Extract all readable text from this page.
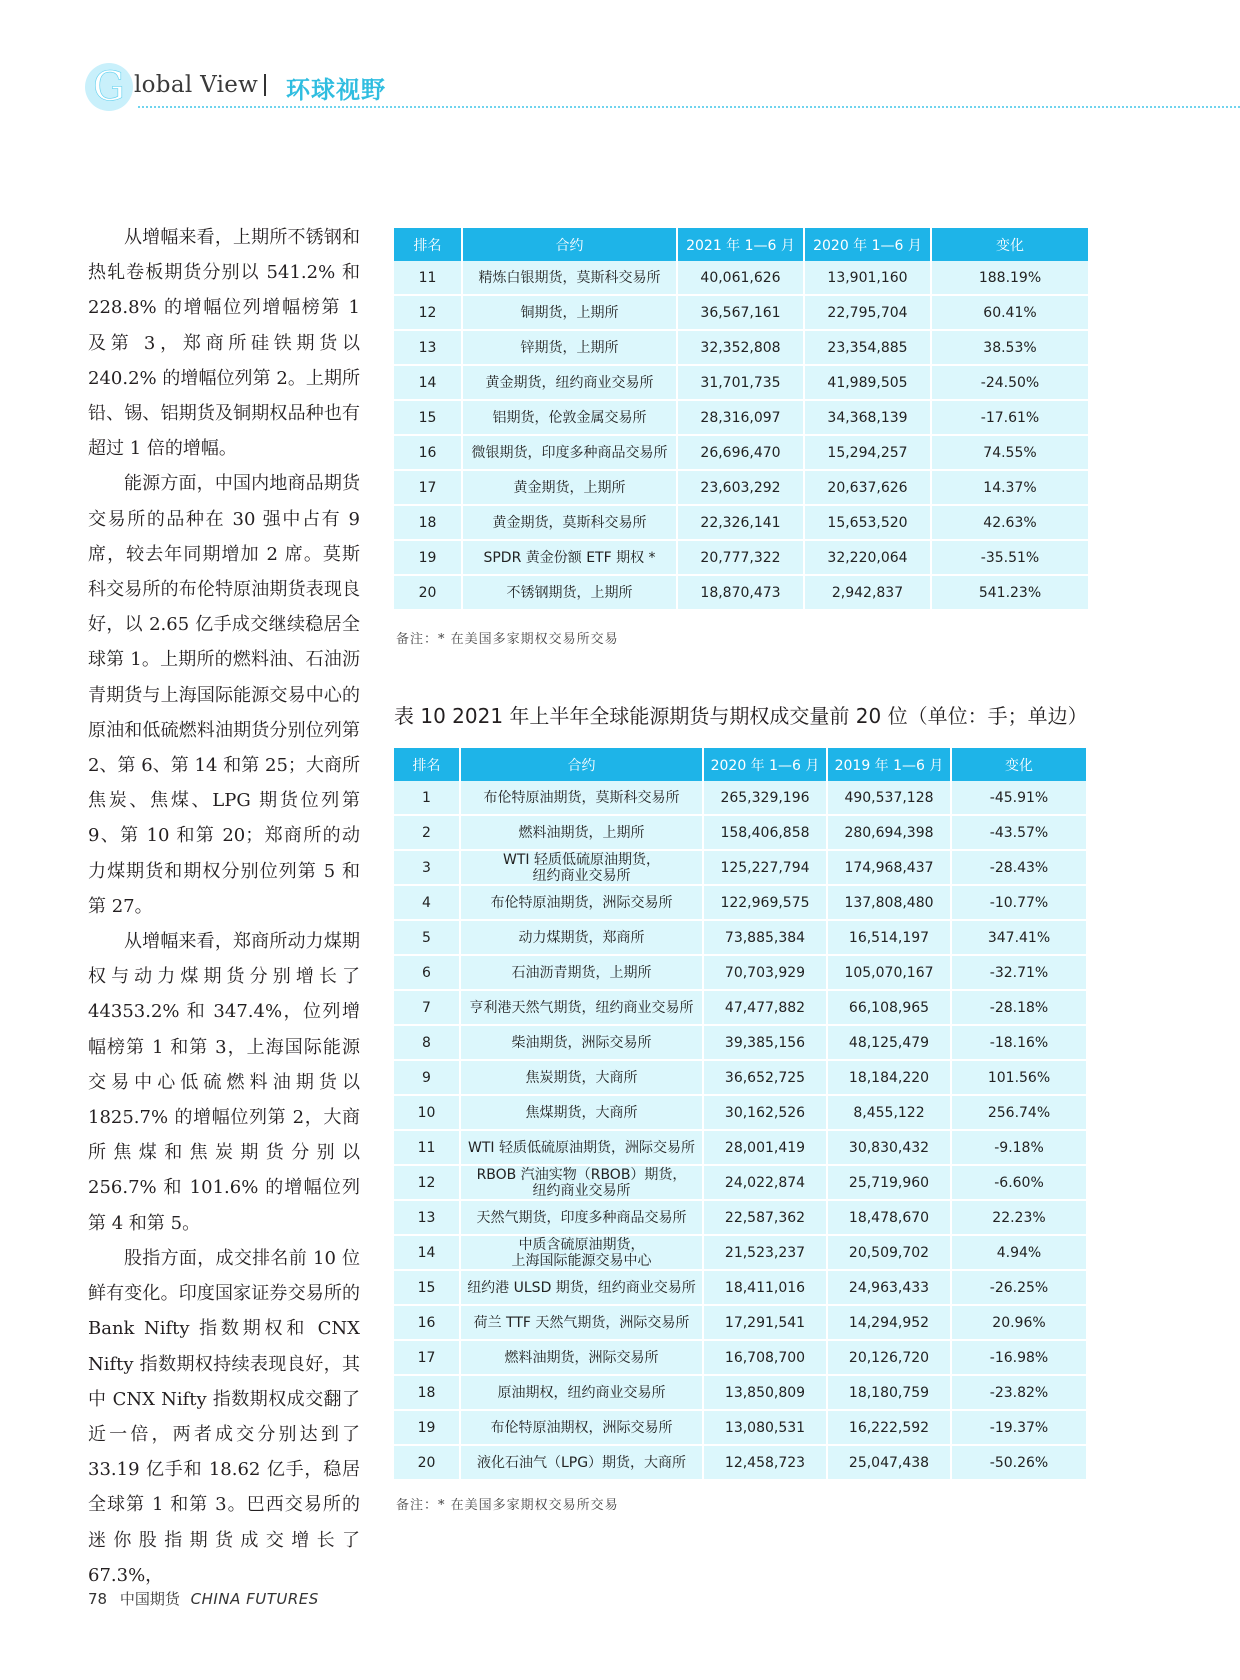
G lobal View 环球视野

从增幅来看，上期所不锈钢和热轧卷板期货分别以 541.2% 和 228.8% 的增幅位列增幅榜第 1 及第 3，郑商所硅铁期货以 240.2% 的增幅位列第 2。上期所铅、锡、铝期货及铜期权品种也有超过 1 倍的增幅。

能源方面，中国内地商品期货交易所的品种在 30 强中占有 9 席，较去年同期增加 2 席。莫斯科交易所的布伦特原油期货表现良好，以 2.65 亿手成交继续稳居全球第 1。上期所的燃料油、石油沥青期货与上海国际能源交易中心的原油和低硫燃料油期货分别位列第 2、第 6、第 14 和第 25；大商所焦炭、焦煤、LPG 期货位列第 9、第 10 和第 20；郑商所的动力煤期货和期权分别位列第 5 和第 27。

从增幅来看，郑商所动力煤期权与动力煤期货分别增长了 44353.2% 和 347.4%，位列增幅榜第 1 和第 3，上海国际能源交易中心低硫燃料油期货以 1825.7% 的增幅位列第 2，大商所焦煤和焦炭期货分别以 256.7% 和 101.6% 的增幅位列第 4 和第 5。

股指方面，成交排名前 10 位鲜有变化。印度国家证券交易所的 Bank Nifty 指数期权和 CNX Nifty 指数期权持续表现良好，其中 CNX Nifty 指数期权成交翻了近一倍，两者成交分别达到了 33.19 亿手和 18.62 亿手，稳居全球第 1 和第 3。巴西交易所的迷你股指期货成交增长了 67.3%，

排名	合约	2021 年 1—6 月	2020 年 1—6 月	变化
11	精炼白银期货，莫斯科交易所	40,061,626	13,901,160	188.19%
12	铜期货，上期所	36,567,161	22,795,704	60.41%
13	锌期货，上期所	32,352,808	23,354,885	38.53%
14	黄金期货，纽约商业交易所	31,701,735	41,989,505	-24.50%
15	铝期货，伦敦金属交易所	28,316,097	34,368,139	-17.61%
16	微银期货，印度多种商品交易所	26,696,470	15,294,257	74.55%
17	黄金期货，上期所	23,603,292	20,637,626	14.37%
18	黄金期货，莫斯科交易所	22,326,141	15,653,520	42.63%
19	SPDR 黄金份额 ETF 期权 *	20,777,322	32,220,064	-35.51%
20	不锈钢期货，上期所	18,870,473	2,942,837	541.23%
备注：* 在美国多家期权交易所交易
表 10 2021 年上半年全球能源期货与期权成交量前 20 位（单位：手；单边）
排名	合约	2020 年 1—6 月	2019 年 1—6 月	变化
1	布伦特原油期货，莫斯科交易所	265,329,196	490,537,128	-45.91%
2	燃料油期货，上期所	158,406,858	280,694,398	-43.57%
3	WTI 轻质低硫原油期货，
纽约商业交易所	125,227,794	174,968,437	-28.43%
4	布伦特原油期货，洲际交易所	122,969,575	137,808,480	-10.77%
5	动力煤期货，郑商所	73,885,384	16,514,197	347.41%
6	石油沥青期货，上期所	70,703,929	105,070,167	-32.71%
7	亨利港天然气期货，纽约商业交易所	47,477,882	66,108,965	-28.18%
8	柴油期货，洲际交易所	39,385,156	48,125,479	-18.16%
9	焦炭期货，大商所	36,652,725	18,184,220	101.56%
10	焦煤期货，大商所	30,162,526	8,455,122	256.74%
11	WTI 轻质低硫原油期货，洲际交易所	28,001,419	30,830,432	-9.18%
12	RBOB 汽油实物（RBOB）期货，
纽约商业交易所	24,022,874	25,719,960	-6.60%
13	天然气期货，印度多种商品交易所	22,587,362	18,478,670	22.23%
14	中质含硫原油期货，
上海国际能源交易中心	21,523,237	20,509,702	4.94%
15	纽约港 ULSD 期货，纽约商业交易所	18,411,016	24,963,433	-26.25%
16	荷兰 TTF 天然气期货，洲际交易所	17,291,541	14,294,952	20.96%
17	燃料油期货，洲际交易所	16,708,700	20,126,720	-16.98%
18	原油期权，纽约商业交易所	13,850,809	18,180,759	-23.82%
19	布伦特原油期权，洲际交易所	13,080,531	16,222,592	-19.37%
20	液化石油气（LPG）期货，大商所	12,458,723	25,047,438	-50.26%
备注：* 在美国多家期权交易所交易
78 中国期货 CHINA FUTURES
